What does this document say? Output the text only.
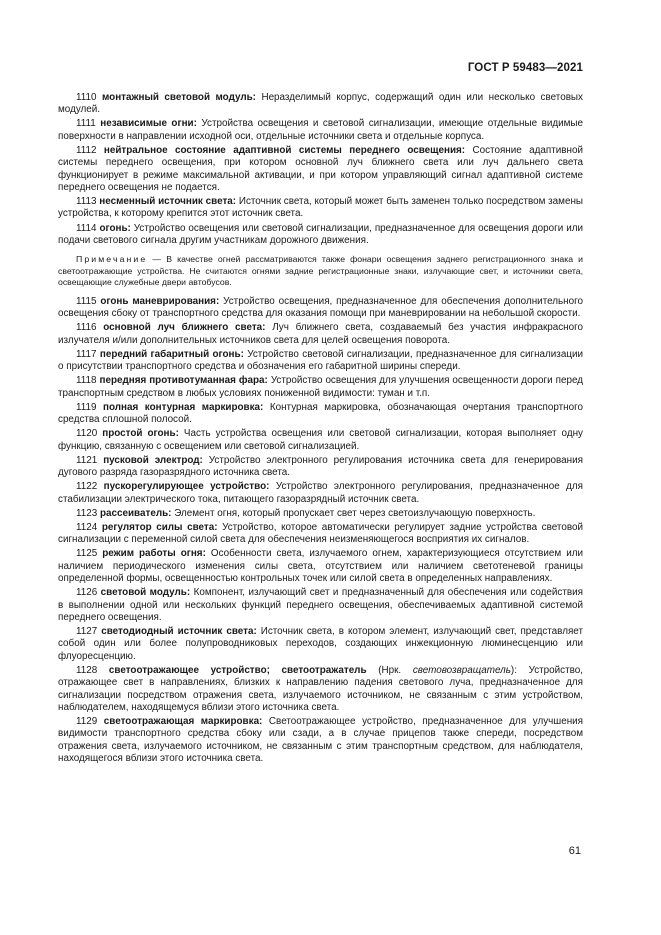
ГОСТ Р 59483—2021

1110 монтажный световой модуль: Неразделимый корпус, содержащий один или несколько световых модулей.

1111 независимые огни: Устройства освещения и световой сигнализации, имеющие отдельные видимые поверхности в направлении исходной оси, отдельные источники света и отдельные корпуса.

1112 нейтральное состояние адаптивной системы переднего освещения: Состояние адаптивной системы переднего освещения, при котором основной луч ближнего света или луч дальнего света функционирует в режиме максимальной активации, и при котором управляющий сигнал адаптивной системе переднего освещения не подается.

1113 несменный источник света: Источник света, который может быть заменен только посредством замены устройства, к которому крепится этот источник света.

1114 огонь: Устройство освещения или световой сигнализации, предназначенное для освещения дороги или подачи светового сигнала другим участникам дорожного движения.

Примечание — В качестве огней рассматриваются также фонари освещения заднего регистрационного знака и светоотражающие устройства. Не считаются огнями задние регистрационные знаки, излучающие свет, и источники света, освещающие служебные двери автобусов.

1115 огонь маневрирования: Устройство освещения, предназначенное для обеспечения дополнительного освещения сбоку от транспортного средства для оказания помощи при маневрировании на небольшой скорости.

1116 основной луч ближнего света: Луч ближнего света, создаваемый без участия инфракрасного излучателя и/или дополнительных источников света для целей освещения поворота.

1117 передний габаритный огонь: Устройство световой сигнализации, предназначенное для сигнализации о присутствии транспортного средства и обозначения его габаритной ширины спереди.

1118 передняя противотуманная фара: Устройство освещения для улучшения освещенности дороги перед транспортным средством в любых условиях пониженной видимости: туман и т.п.

1119 полная контурная маркировка: Контурная маркировка, обозначающая очертания транспортного средства сплошной полосой.

1120 простой огонь: Часть устройства освещения или световой сигнализации, которая выполняет одну функцию, связанную с освещением или световой сигнализацией.

1121 пусковой электрод: Устройство электронного регулирования источника света для генерирования дугового разряда газоразрядного источника света.

1122 пускорегулирующее устройство: Устройство электронного регулирования, предназначенное для стабилизации электрического тока, питающего газоразрядный источник света.

1123 рассеиватель: Элемент огня, который пропускает свет через светоизлучающую поверхность.

1124 регулятор силы света: Устройство, которое автоматически регулирует задние устройства световой сигнализации с переменной силой света для обеспечения неизменяющегося восприятия их сигналов.

1125 режим работы огня: Особенности света, излучаемого огнем, характеризующиеся отсутствием или наличием периодического изменения силы света, отсутствием или наличием светотеневой границы определенной формы, освещенностью контрольных точек или силой света в определенных направлениях.

1126 световой модуль: Компонент, излучающий свет и предназначенный для обеспечения или содействия в выполнении одной или нескольких функций переднего освещения, обеспечиваемых адаптивной системой переднего освещения.

1127 светодиодный источник света: Источник света, в котором элемент, излучающий свет, представляет собой один или более полупроводниковых переходов, создающих инжекционную люминесценцию или флуоресценцию.

1128 светоотражающее устройство; светоотражатель (Нрк. световозвращатель): Устройство, отражающее свет в направлениях, близких к направлению падения светового луча, предназначенное для сигнализации посредством отражения света, излучаемого источником, не связанным с этим устройством, наблюдателем, находящемуся вблизи этого источника света.

1129 светоотражающая маркировка: Светоотражающее устройство, предназначенное для улучшения видимости транспортного средства сбоку или сзади, а в случае прицепов также спереди, посредством отражения света, излучаемого источником, не связанным с этим транспортным средством, для наблюдателя, находящегося вблизи этого источника света.

61
